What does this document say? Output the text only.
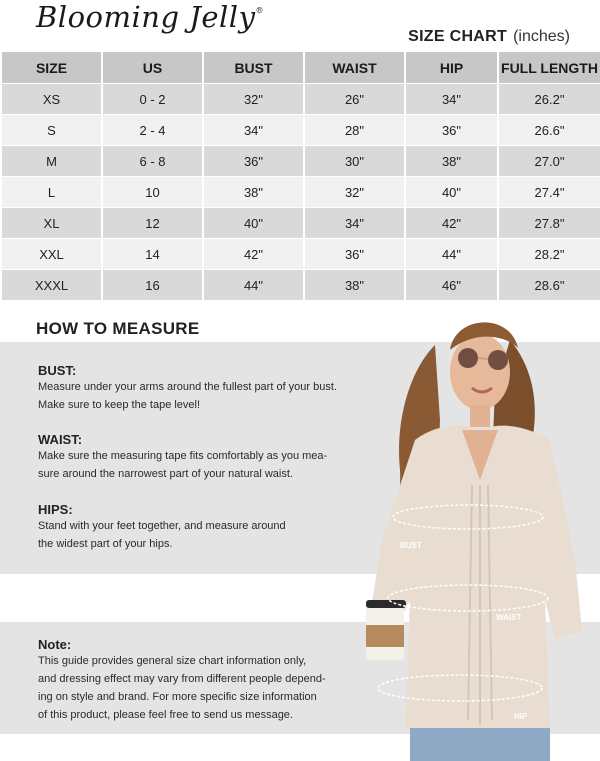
Blooming Jelly®
SIZE CHART (inches)
SIZE	US	BUST	WAIST	HIP	FULL LENGTH
XS	0 - 2	32"	26"	34"	26.2"
S	2 - 4	34"	28"	36"	26.6"
M	6 - 8	36"	30"	38"	27.0"
L	10	38"	32"	40"	27.4"
XL	12	40"	34"	42"	27.8"
XXL	14	42"	36"	44"	28.2"
XXXL	16	44"	38"	46"	28.6"
HOW TO MEASURE
BUST:
Measure under your arms around the fullest part of your bust.
Make sure to keep the tape level!
WAIST:
Make sure the measuring tape fits comfortably as you mea-
sure around the narrowest part of your natural waist.
HIPS:
Stand with your feet together, and measure around
the widest part of your hips.
Note:
This guide provides general size chart information only,
and dressing effect may vary from different people depend-
ing on style and brand. For more specific size information
of this product, please feel free to send us message.
BUST
WAIST
HIP
